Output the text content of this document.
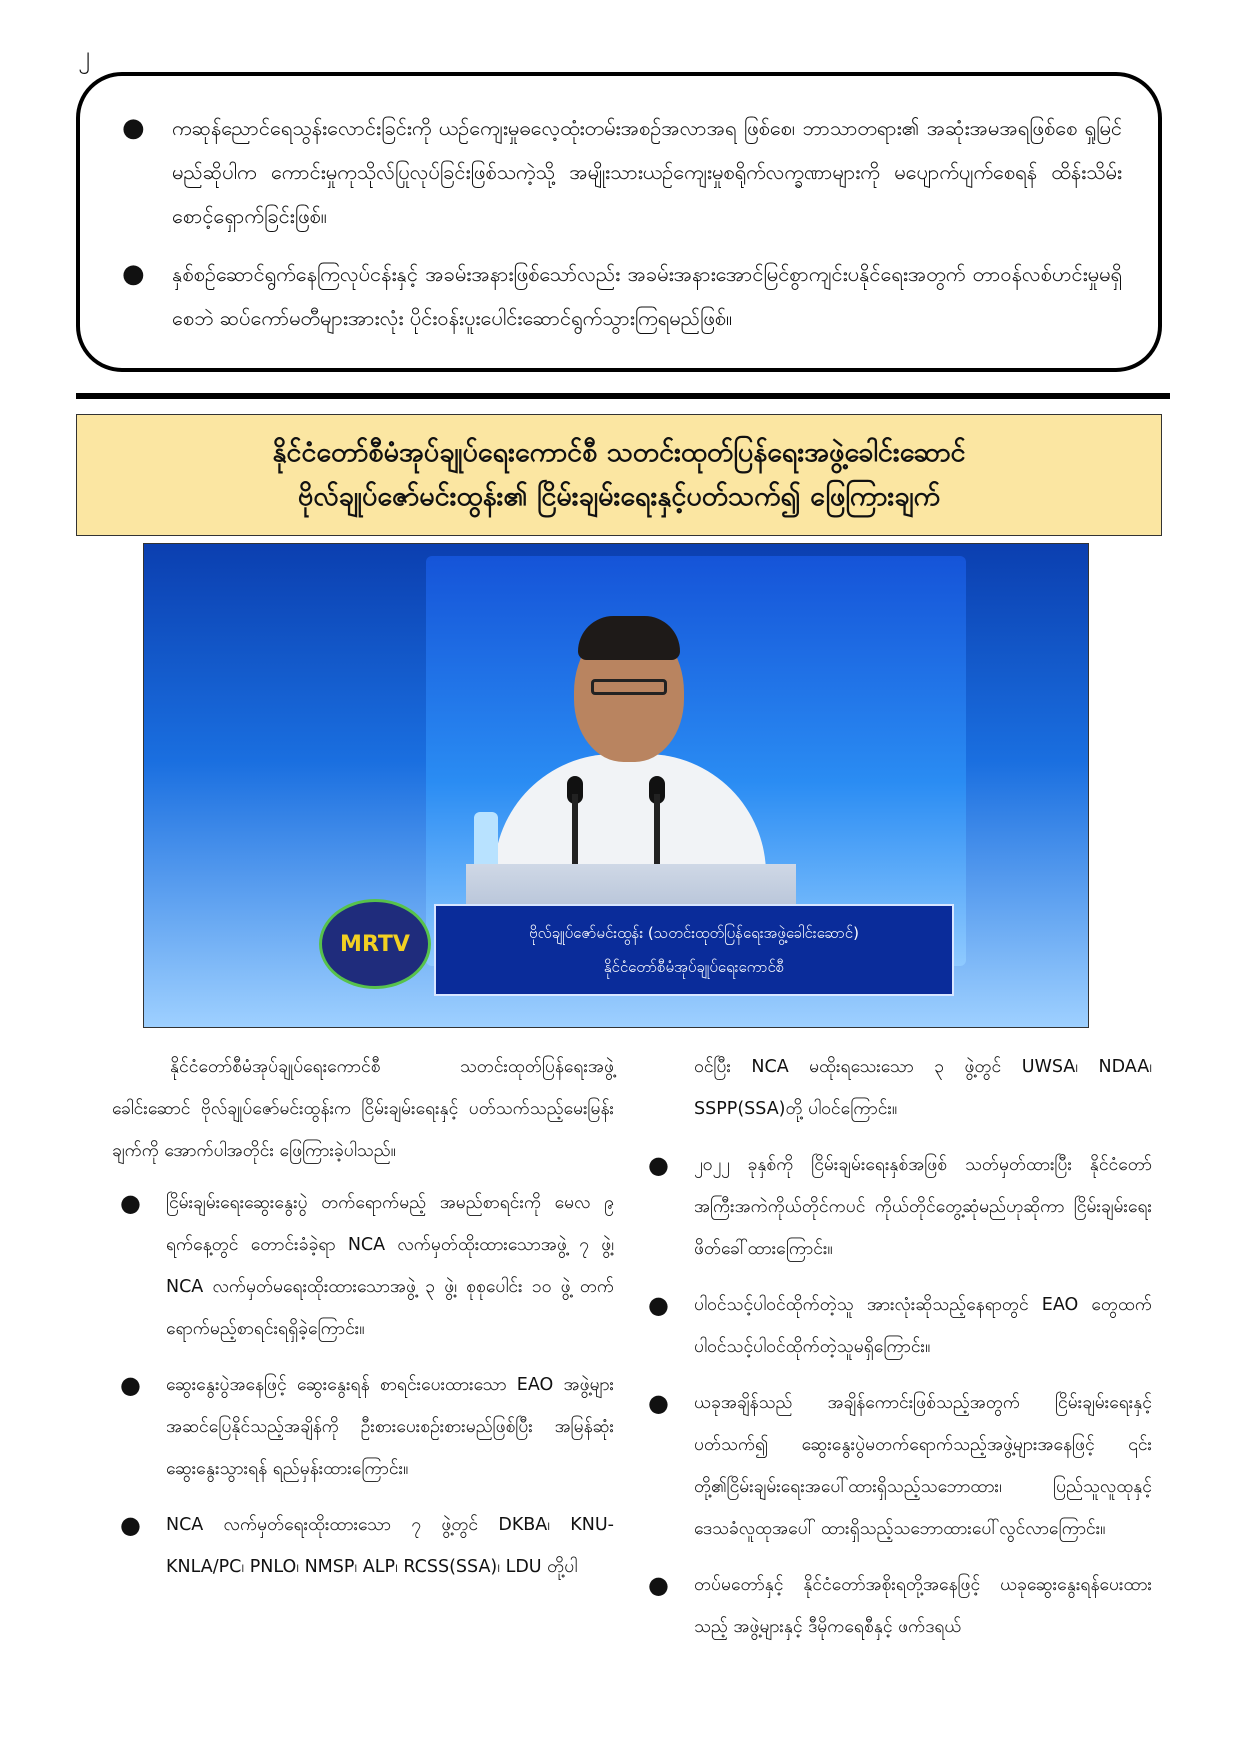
၂
● ကဆုန်ညောင်ရေသွန်းလောင်းခြင်းကို ယဉ်ကျေးမှုဓလေ့ထုံးတမ်းအစဉ်အလာအရ ဖြစ်စေ၊ ဘာသာတရား၏ အဆုံးအမအရဖြစ်စေ ရှုမြင်မည်ဆိုပါက ကောင်းမှုကုသိုလ်ပြုလုပ်ခြင်းဖြစ်သကဲ့သို့ အမျိုးသားယဉ်ကျေးမှုစရိုက်လက္ခဏာများကို မပျောက်ပျက်စေရန် ထိန်းသိမ်းစောင့်ရှောက်ခြင်းဖြစ်။
● နှစ်စဉ်ဆောင်ရွက်နေကြလုပ်ငန်းနှင့် အခမ်းအနားဖြစ်သော်လည်း အခမ်းအနားအောင်မြင်စွာကျင်းပနိုင်ရေးအတွက် တာဝန်လစ်ဟင်းမှုမရှိစေဘဲ ဆပ်ကော်မတီများအားလုံး ပိုင်းဝန်းပူးပေါင်းဆောင်ရွက်သွားကြရမည်ဖြစ်။
နိုင်ငံတော်စီမံအုပ်ချုပ်ရေးကောင်စီ သတင်းထုတ်ပြန်ရေးအဖွဲ့ခေါင်းဆောင်
ဗိုလ်ချုပ်ဇော်မင်းထွန်း၏ ငြိမ်းချမ်းရေးနှင့်ပတ်သက်၍ ဖြေကြားချက်
MRTV	ဗိုလ်ချုပ်ဇော်မင်းထွန်း (သတင်းထုတ်ပြန်ရေးအဖွဲ့ခေါင်းဆောင်)
နိုင်ငံတော်စီမံအုပ်ချုပ်ရေးကောင်စီ

နိုင်ငံတော်စီမံအုပ်ချုပ်ရေးကောင်စီ သတင်းထုတ်ပြန်ရေးအဖွဲ့ခေါင်းဆောင် ဗိုလ်ချုပ်ဇော်မင်းထွန်းက ငြိမ်းချမ်းရေးနှင့် ပတ်သက်သည့်မေးမြန်းချက်ကို အောက်ပါအတိုင်း ဖြေကြားခဲ့ပါသည်။

● ငြိမ်းချမ်းရေးဆွေးနွေးပွဲ တက်ရောက်မည့် အမည်စာရင်းကို မေလ ၉ ရက်နေ့တွင် တောင်းခံခဲ့ရာ NCA လက်မှတ်ထိုးထားသောအဖွဲ့ ၇ ဖွဲ့၊ NCA လက်မှတ်မရေးထိုးထားသောအဖွဲ့ ၃ ဖွဲ့၊ စုစုပေါင်း ၁၀ ဖွဲ့ တက်ရောက်မည့်စာရင်းရရှိခဲ့ကြောင်း။
● ဆွေးနွေးပွဲအနေဖြင့် ဆွေးနွေးရန် စာရင်းပေးထားသော EAO အဖွဲ့များ အဆင်ပြေနိုင်သည့်အချိန်ကို ဦးစားပေးစဉ်းစားမည်ဖြစ်ပြီး အမြန်ဆုံးဆွေးနွေးသွားရန် ရည်မှန်းထားကြောင်း။
● NCA လက်မှတ်ရေးထိုးထားသော ၇ ဖွဲ့တွင် DKBA၊ KNU-KNLA/PC၊ PNLO၊ NMSP၊ ALP၊ RCSS(SSA)၊ LDU တို့ပါ

ဝင်ပြီး NCA မထိုးရသေးသော ၃ ဖွဲ့တွင် UWSA၊ NDAA၊ SSPP(SSA)တို့ ပါဝင်ကြောင်း။

● ၂၀၂၂ ခုနှစ်ကို ငြိမ်းချမ်းရေးနှစ်အဖြစ် သတ်မှတ်ထားပြီး နိုင်ငံတော်အကြီးအကဲကိုယ်တိုင်ကပင် ကိုယ်တိုင်တွေ့ဆုံမည်ဟုဆိုကာ ငြိမ်းချမ်းရေးဖိတ်ခေါ်ထားကြောင်း။
● ပါဝင်သင့်ပါဝင်ထိုက်တဲ့သူ အားလုံးဆိုသည့်နေရာတွင် EAO တွေထက် ပါဝင်သင့်ပါဝင်ထိုက်တဲ့သူမရှိကြောင်း။
● ယခုအချိန်သည် အချိန်ကောင်းဖြစ်သည့်အတွက် ငြိမ်းချမ်းရေးနှင့်ပတ်သက်၍ ဆွေးနွေးပွဲမတက်ရောက်သည့်အဖွဲ့များအနေဖြင့် ၎င်းတို့၏ငြိမ်းချမ်းရေးအပေါ်ထားရှိသည့်သဘောထား၊ ပြည်သူလူထုနှင့် ဒေသခံလူထုအပေါ် ထားရှိသည့်သဘောထားပေါ်လွင်လာကြောင်း။
● တပ်မတော်နှင့် နိုင်ငံတော်အစိုးရတို့အနေဖြင့် ယခုဆွေးနွေးရန်ပေးထားသည့် အဖွဲ့များနှင့် ဒီမိုကရေစီနှင့် ဖက်ဒရယ်
